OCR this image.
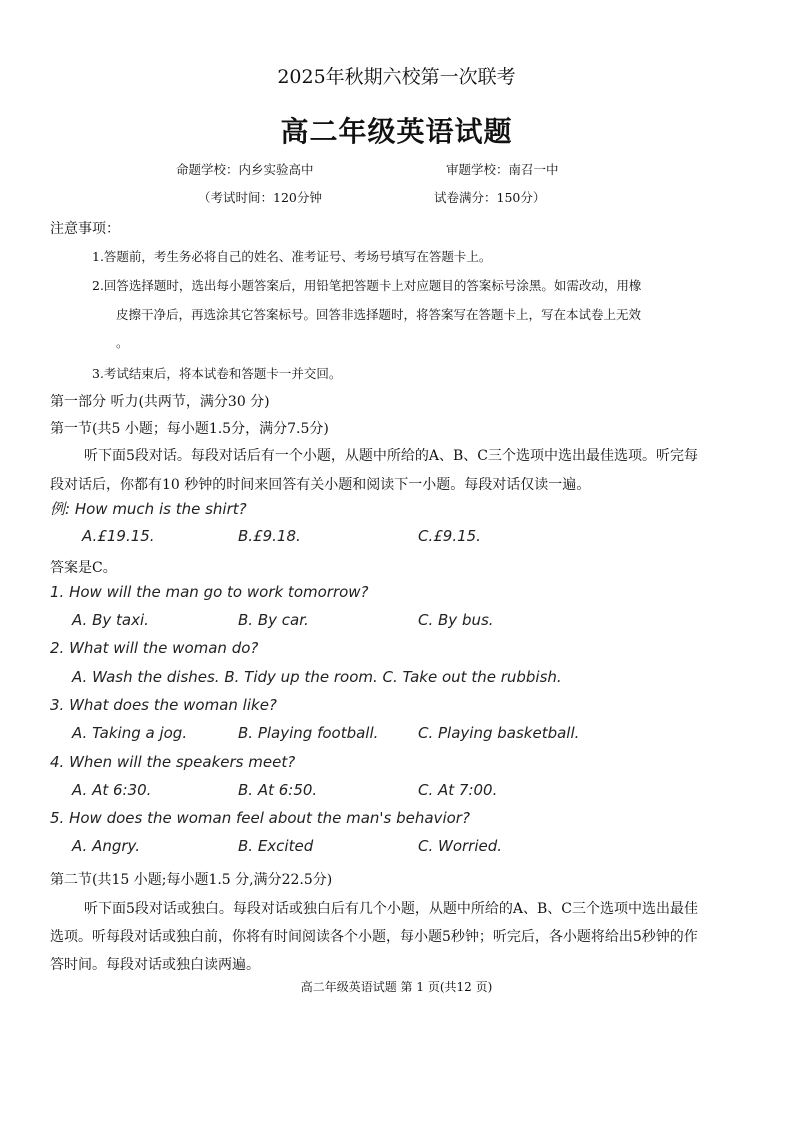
2025年秋期六校第一次联考
高二年级英语试题
命题学校：内乡实验高中	审题学校：南召一中
（考试时间：120分钟	试卷满分：150分）
注意事项：
1.答题前，考生务必将自己的姓名、准考证号、考场号填写在答题卡上。
2.回答选择题时，选出每小题答案后，用铅笔把答题卡上对应题目的答案标号涂黑。如需改动，用橡
皮擦干净后，再选涂其它答案标号。回答非选择题时，将答案写在答题卡上，写在本试卷上无效
。
3.考试结束后，将本试卷和答题卡一并交回。
第一部分 听力(共两节，满分30 分)
第一节(共5 小题；每小题1.5分，满分7.5分)
听下面5段对话。每段对话后有一个小题，从题中所给的A、B、C三个选项中选出最佳选项。听完每
段对话后，你都有10 秒钟的时间来回答有关小题和阅读下一小题。每段对话仅读一遍。
例: How much is the shirt?
A.£19.15.	B.£9.18.	C.£9.15.
答案是C。
1. How will the man go to work tomorrow?
A. By taxi.	B. By car.	C. By bus.
2. What will the woman do?
A. Wash the dishes. B. Tidy up the room. C. Take out the rubbish.
3. What does the woman like?
A. Taking a jog.	B. Playing football.	C. Playing basketball.
4. When will the speakers meet?
A. At 6:30.	B. At 6:50.	C. At 7:00.
5. How does the woman feel about the man's behavior?
A. Angry.	B. Excited	C. Worried.
第二节(共15 小题;每小题1.5 分,满分22.5分)
听下面5段对话或独白。每段对话或独白后有几个小题，从题中所给的A、B、C三个选项中选出最佳
选项。听每段对话或独白前，你将有时间阅读各个小题，每小题5秒钟；听完后，各小题将给出5秒钟的作
答时间。每段对话或独白读两遍。
高二年级英语试题 第 1 页(共12 页)
